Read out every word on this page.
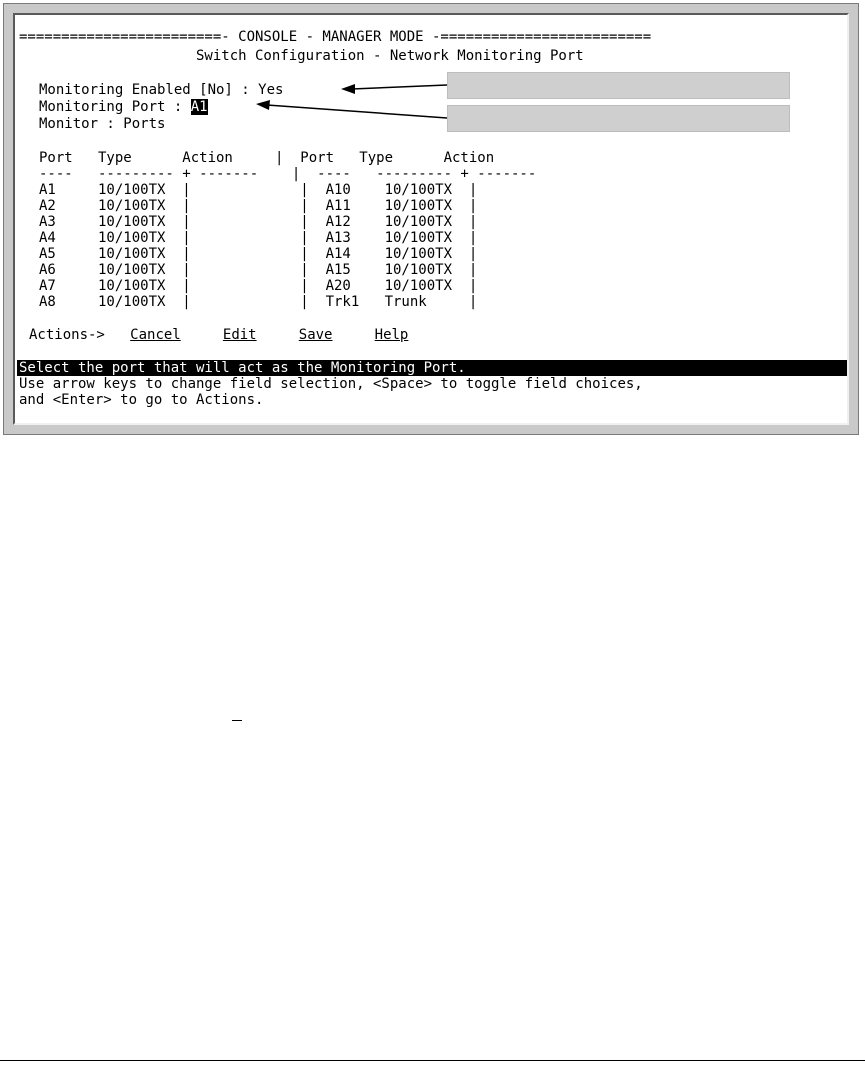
========================- CONSOLE - MANAGER MODE -=========================
Switch Configuration - Network Monitoring Port
Monitoring Enabled [No] : Yes
Monitoring Port : A1
Monitor : Ports
Port   Type      Action     |  Port   Type      Action
----   --------- + -------    |  ----   --------- + -------
A1     10/100TX  |             |  A10    10/100TX  |
A2     10/100TX  |             |  A11    10/100TX  |
A3     10/100TX  |             |  A12    10/100TX  |
A4     10/100TX  |             |  A13    10/100TX  |
A5     10/100TX  |             |  A14    10/100TX  |
A6     10/100TX  |             |  A15    10/100TX  |
A7     10/100TX  |             |  A20    10/100TX  |
A8     10/100TX  |             |  Trk1   Trunk     |
Actions-> Cancel	Edit	Save	Help
Select the port that will act as the Monitoring Port.
Use arrow keys to change field selection, <Space> to toggle field choices,
and <Enter> to go to Actions.
